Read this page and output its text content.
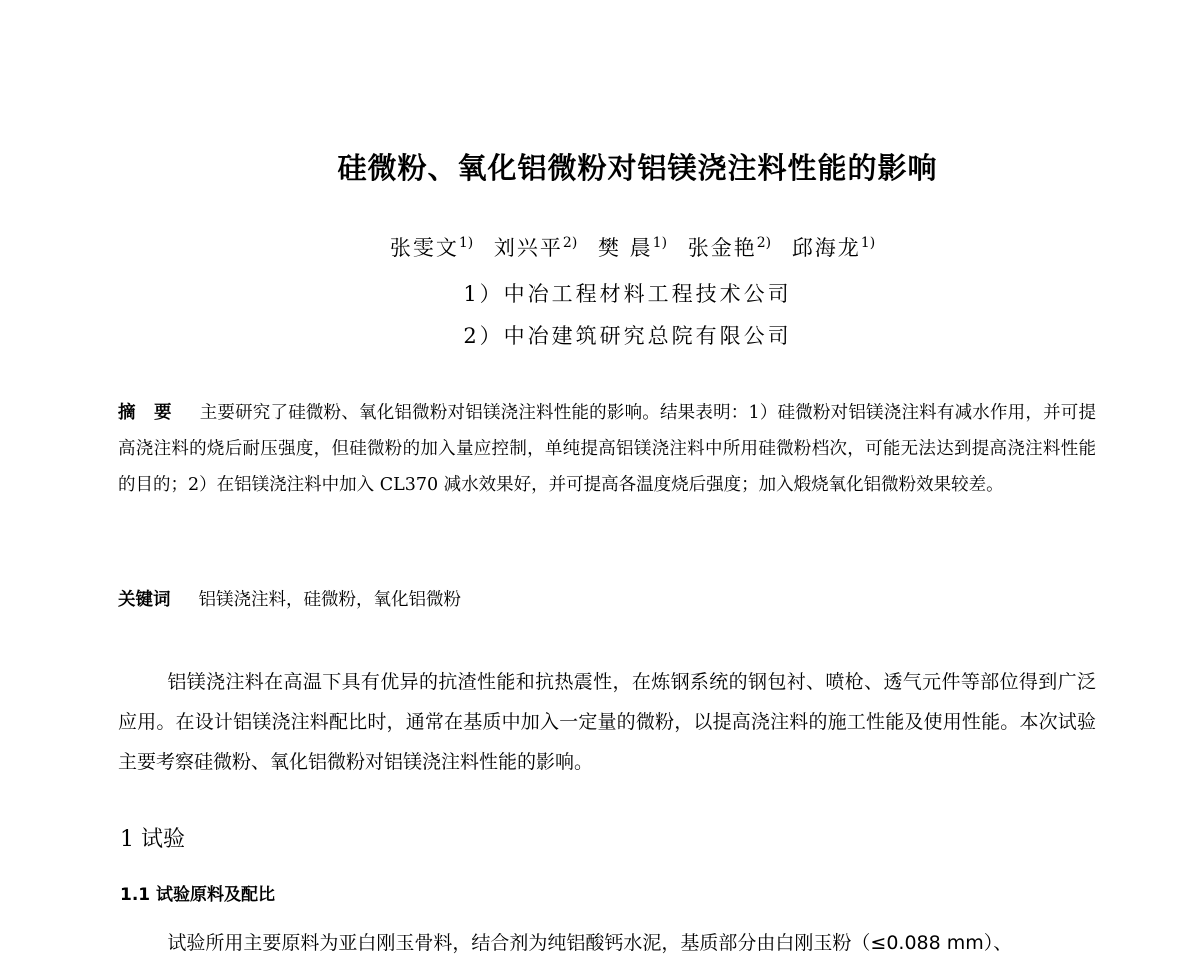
硅微粉、氧化铝微粉对铝镁浇注料性能的影响
张雯文$^{1)}$ 刘兴平$^{2)}$ 樊 晨$^{1)}$ 张金艳$^{2)}$ 邱海龙$^{1)}$
1）中冶工程材料工程技术公司
2）中冶建筑研究总院有限公司
摘 要 主要研究了硅微粉、氧化铝微粉对铝镁浇注料性能的影响。结果表明：1）硅微粉对铝镁浇注料有减水作用，并可提高浇注料的烧后耐压强度，但硅微粉的加入量应控制，单纯提高铝镁浇注料中所用硅微粉档次，可能无法达到提高浇注料性能的目的；2）在铝镁浇注料中加入 CL370 减水效果好，并可提高各温度烧后强度；加入煅烧氧化铝微粉效果较差。
关键词 铝镁浇注料，硅微粉，氧化铝微粉
铝镁浇注料在高温下具有优异的抗渣性能和抗热震性，在炼钢系统的钢包衬、喷枪、透气元件等部位得到广泛应用。在设计铝镁浇注料配比时，通常在基质中加入一定量的微粉，以提高浇注料的施工性能及使用性能。本次试验主要考察硅微粉、氧化铝微粉对铝镁浇注料性能的影响。
1 试验
1.1 试验原料及配比
试验所用主要原料为亚白刚玉骨料，结合剂为纯铝酸钙水泥，基质部分由白刚玉粉（≤0.088 mm）、
